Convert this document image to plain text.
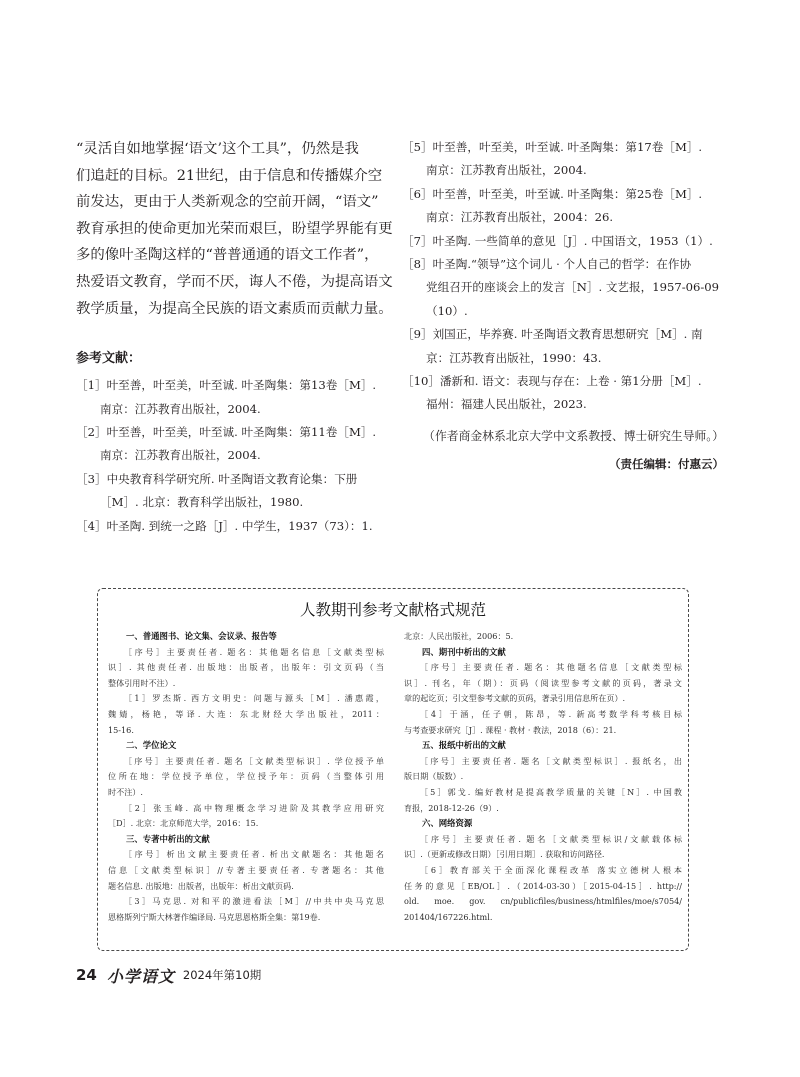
“灵活自如地掌握‘语文’这个工具”，仍然是我
们追赶的目标。21世纪，由于信息和传播媒介空
前发达，更由于人类新观念的空前开阔，“语文”
教育承担的使命更加光荣而艰巨，盼望学界能有更
多的像叶圣陶这样的“普普通通的语文工作者”，
热爱语文教育，学而不厌，诲人不倦，为提高语文
教学质量，为提高全民族的语文素质而贡献力量。
参考文献：
［1］叶至善，叶至美，叶至诚. 叶圣陶集：第13卷［M］.
南京：江苏教育出版社，2004.
［2］叶至善，叶至美，叶至诚. 叶圣陶集：第11卷［M］.
南京：江苏教育出版社，2004.
［3］中央教育科学研究所. 叶圣陶语文教育论集：下册
［M］. 北京：教育科学出版社，1980.
［4］叶圣陶. 到统一之路［J］. 中学生，1937（73）：1.
［5］叶至善，叶至美，叶至诚. 叶圣陶集：第17卷［M］.
南京：江苏教育出版社，2004.
［6］叶至善，叶至美，叶至诚. 叶圣陶集：第25卷［M］.
南京：江苏教育出版社，2004：26.
［7］叶圣陶. 一些简单的意见［J］. 中国语文，1953（1）.
［8］叶圣陶.“领导”这个词儿 · 个人自己的哲学：在作协
党组召开的座谈会上的发言［N］. 文艺报，1957-06-09
（10）.
［9］刘国正，毕养赛. 叶圣陶语文教育思想研究［M］. 南
京：江苏教育出版社，1990：43.
［10］潘新和. 语文：表现与存在：上卷 · 第1分册［M］.
福州：福建人民出版社，2023.
（作者商金林系北京大学中文系教授、博士研究生导师。）
（责任编辑：付惠云）
人教期刊参考文献格式规范
一、普通图书、论文集、会议录、报告等
［序号］主要责任者. 题名：其他题名信息［文献类型标
识］. 其他责任者. 出版地：出版者，出版年：引文页码（当
整体引用时不注）.
［1］罗杰斯. 西方文明史：问题与源头［M］. 潘惠霞，
魏婧，杨艳，等译. 大连：东北财经大学出版社，2011：
15-16.
二、学位论文
［序号］主要责任者. 题名［文献类型标识］. 学位授予单
位所在地：学位授予单位，学位授予年：页码（当整体引用
时不注）.
［2］张玉峰. 高中物理概念学习进阶及其教学应用研究
［D］. 北京：北京师范大学，2016：15.
三、专著中析出的文献
［序号］析出文献主要责任者. 析出文献题名：其他题名
信息［文献类型标识］//专著主要责任者. 专著题名：其他
题名信息. 出版地：出版者，出版年：析出文献页码.
［3］马克思. 对和平的激进看法［M］//中共中央马克思
恩格斯列宁斯大林著作编译局. 马克思恩格斯全集：第19卷.
北京：人民出版社，2006：5.
四、期刊中析出的文献
［序号］主要责任者. 题名：其他题名信息［文献类型标
识］. 刊名，年（期）：页码（阅读型参考文献的页码，著录文
章的起讫页；引文型参考文献的页码，著录引用信息所在页）.
［4］于涵，任子朝，陈昂，等. 新高考数学科考核目标
与考查要求研究［J］. 课程 · 教材 · 教法，2018（6）：21.
五、报纸中析出的文献
［序号］主要责任者. 题名［文献类型标识］. 报纸名，出
版日期（版数）.
［5］郭戈. 编好教材是提高教学质量的关键［N］. 中国教
育报，2018-12-26（9）.
六、网络资源
［序号］主要责任者. 题名［文献类型标识/文献载体标
识］.（更新或修改日期）［引用日期］. 获取和访问路径.
［6］教育部关于全面深化课程改革 落实立德树人根本
任务的意见［EB/OL］.（2014-03-30）［2015-04-15］. http://
old. moe. gov. cn/publicfiles/business/htmlfiles/moe/s7054/
201404/167226.html.
24 小学语文 2024年第10期
